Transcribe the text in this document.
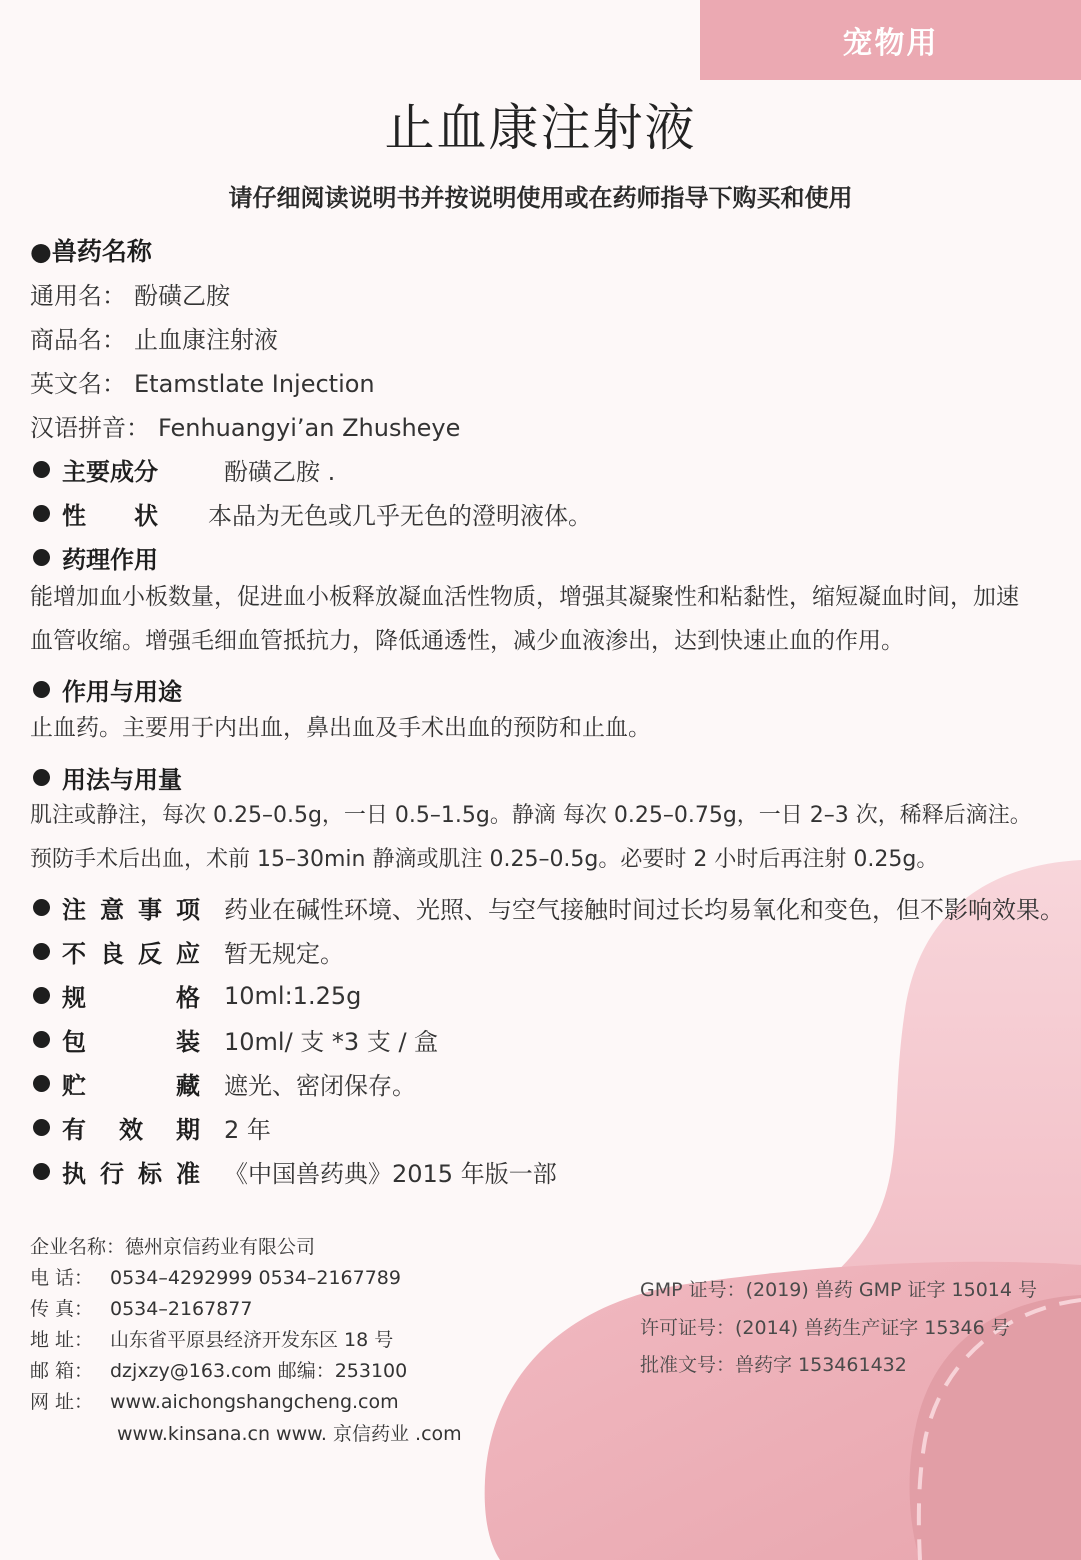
宠物用
止血康注射液
请仔细阅读说明书并按说明使用或在药师指导下购买和使用
●兽药名称
通用名： 酚磺乙胺
商品名： 止血康注射液
英文名： Etamstlate Injection
汉语拼音： Fenhuangyi’an Zhusheye
主要成分	酚磺乙胺 .
性 状 本品为无色或几乎无色的澄明液体。
药理作用
能增加血小板数量，促进血小板释放凝血活性物质，增强其凝聚性和粘黏性，缩短凝血时间，加速
血管收缩。增强毛细血管抵抗力，降低通透性，减少血液渗出，达到快速止血的作用。
作用与用途
止血药。主要用于内出血，鼻出血及手术出血的预防和止血。
用法与用量
肌注或静注，每次 0.25–0.5g，一日 0.5–1.5g。静滴 每次 0.25–0.75g，一日 2–3 次，稀释后滴注。
预防手术后出血，术前 15–30min 静滴或肌注 0.25–0.5g。必要时 2 小时后再注射 0.25g。
注 意 事 项 药业在碱性环境、光照、与空气接触时间过长均易氧化和变色，但不影响效果。
不 良 反 应 暂无规定。
规	格 10ml:1.25g
包	装 10ml/ 支 *3 支 / 盒
贮	藏 遮光、密闭保存。
有 效 期 2 年
执 行 标 准 《中国兽药典》2015 年版一部
企业名称：德州京信药业有限公司
电 话： 0534–4292999 0534–2167789
传 真： 0534–2167877
地 址： 山东省平原县经济开发东区 18 号
邮 箱： dzjxzy@163.com 邮编：253100
网 址： www.aichongshangcheng.com
www.kinsana.cn www. 京信药业 .com
GMP 证号：(2019) 兽药 GMP 证字 15014 号
许可证号：(2014) 兽药生产证字 15346 号
批准文号：兽药字 153461432
